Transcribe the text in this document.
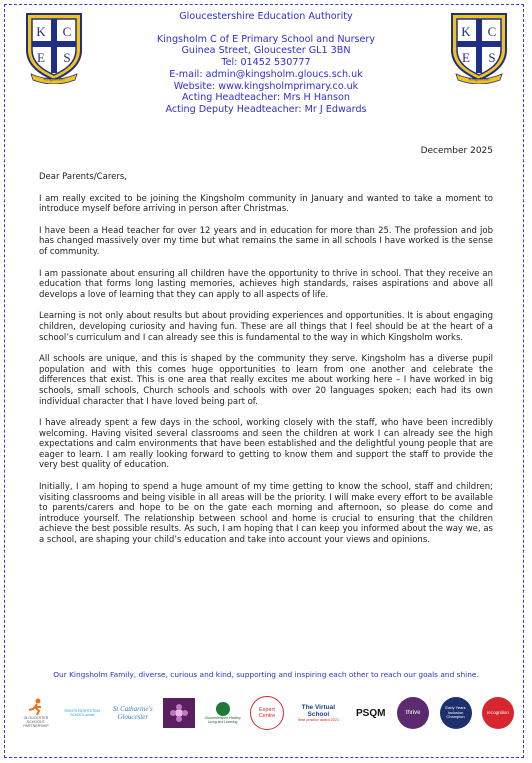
K C
E S
Kingsholm
K C
E S
Kingsholm
Gloucestershire Education Authority
Kingsholm C of E Primary School and Nursery
Guinea Street, Gloucester GL1 3BN
Tel: 01452 530777
E-mail: admin@kingsholm.gloucs.sch.uk
Website: www.kingsholmprimary.co.uk
Acting Headteacher: Mrs H Hanson
Acting Deputy Headteacher: Mr J Edwards
December 2025

Dear Parents/Carers,

I am really excited to be joining the Kingsholm community in January and wanted to take a moment to introduce myself before arriving in person after Christmas.

I have been a Head teacher for over 12 years and in education for more than 25. The profession and job has changed massively over my time but what remains the same in all schools I have worked is the sense of community.

I am passionate about ensuring all children have the opportunity to thrive in school. That they receive an education that forms long lasting memories, achieves high standards, raises aspirations and above all develops a love of learning that they can apply to all aspects of life.

Learning is not only about results but about providing experiences and opportunities. It is about engaging children, developing curiosity and having fun. These are all things that I feel should be at the heart of a school’s curriculum and I can already see this is fundamental to the way in which Kingsholm works.

All schools are unique, and this is shaped by the community they serve. Kingsholm has a diverse pupil population and with this comes huge opportunities to learn from one another and celebrate the differences that exist. This is one area that really excites me about working here – I have worked in big schools, small schools, Church schools and schools with over 20 languages spoken; each had its own individual character that I have loved being part of.

I have already spent a few days in the school, working closely with the staff, who have been incredibly welcoming. Having visited several classrooms and seen the children at work I can already see the high expectations and calm environments that have been established and the delightful young people that are eager to learn. I am really looking forward to getting to know them and support the staff to provide the very best quality of education.

Initially, I am hoping to spend a huge amount of my time getting to know the school, staff and children; visiting classrooms and being visible in all areas will be the priority. I will make every effort to be available to parents/carers and hope to be on the gate each morning and afternoon, so please do come and introduce yourself. The relationship between school and home is crucial to ensuring that the children achieve the best possible results. As such, I am hoping that I can keep you informed about the way we, as a school, are shaping your child’s education and take into account your views and opinions.

Our Kingsholm Family, diverse, curious and kind, supporting and inspiring each other to reach our goals and shine.
GLOUCESTER SCHOOLS' PARTNERSHIP
RIGHTS RESPECTING SCHOOL unicef
St Catharine's Gloucester	Gloucestershire Healthy Living and Learning
Expert Centre
The Virtual School
Best practice award 2023
PSQM	thrive
Early Years Inclusion Champion
recognition
